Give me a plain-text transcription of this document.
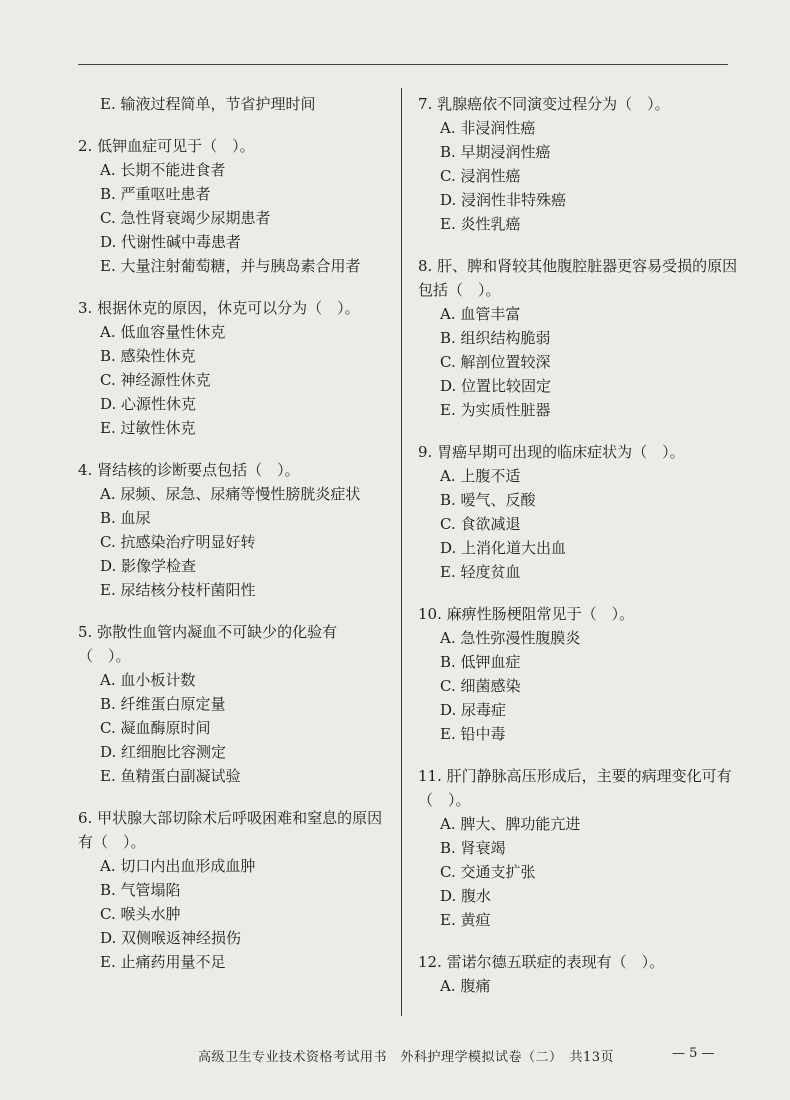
E. 输液过程简单，节省护理时间

2. 低钾血症可见于（　）。

A. 长期不能进食者

B. 严重呕吐患者

C. 急性肾衰竭少尿期患者

D. 代谢性碱中毒患者

E. 大量注射葡萄糖，并与胰岛素合用者

3. 根据休克的原因，休克可以分为（　）。

A. 低血容量性休克

B. 感染性休克

C. 神经源性休克

D. 心源性休克

E. 过敏性休克

4. 肾结核的诊断要点包括（　）。

A. 尿频、尿急、尿痛等慢性膀胱炎症状

B. 血尿

C. 抗感染治疗明显好转

D. 影像学检查

E. 尿结核分枝杆菌阳性

5. 弥散性血管内凝血不可缺少的化验有（　）。

A. 血小板计数

B. 纤维蛋白原定量

C. 凝血酶原时间

D. 红细胞比容测定

E. 鱼精蛋白副凝试验

6. 甲状腺大部切除术后呼吸困难和窒息的原因有（　）。

A. 切口内出血形成血肿

B. 气管塌陷

C. 喉头水肿

D. 双侧喉返神经损伤

E. 止痛药用量不足

7. 乳腺癌依不同演变过程分为（　）。

A. 非浸润性癌

B. 早期浸润性癌

C. 浸润性癌

D. 浸润性非特殊癌

E. 炎性乳癌

8. 肝、脾和肾较其他腹腔脏器更容易受损的原因包括（　）。

A. 血管丰富

B. 组织结构脆弱

C. 解剖位置较深

D. 位置比较固定

E. 为实质性脏器

9. 胃癌早期可出现的临床症状为（　）。

A. 上腹不适

B. 嗳气、反酸

C. 食欲减退

D. 上消化道大出血

E. 轻度贫血

10. 麻痹性肠梗阻常见于（　）。

A. 急性弥漫性腹膜炎

B. 低钾血症

C. 细菌感染

D. 尿毒症

E. 铅中毒

11. 肝门静脉高压形成后，主要的病理变化可有（　）。

A. 脾大、脾功能亢进

B. 肾衰竭

C. 交通支扩张

D. 腹水

E. 黄疸

12. 雷诺尔德五联症的表现有（　）。

A. 腹痛

高级卫生专业技术资格考试用书　外科护理学模拟试卷（二）　共13页	— 5 —
